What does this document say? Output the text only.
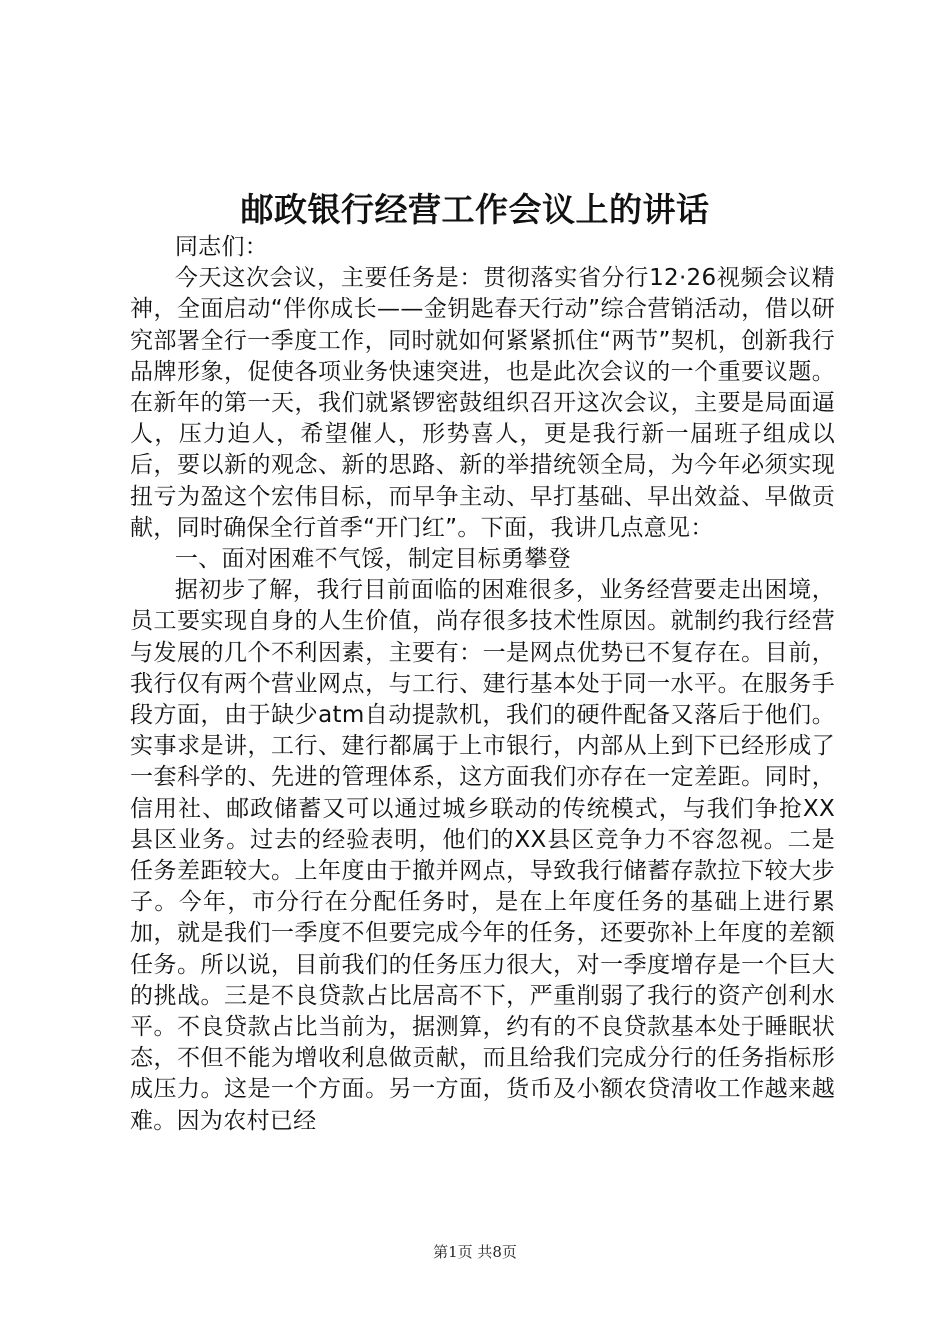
邮政银行经营工作会议上的讲话

同志们：

今天这次会议，主要任务是：贯彻落实省分行12·26视频会议精神，全面启动“伴你成长——金钥匙春天行动”综合营销活动，借以研究部署全行一季度工作，同时就如何紧紧抓住“两节”契机，创新我行品牌形象，促使各项业务快速突进，也是此次会议的一个重要议题。在新年的第一天，我们就紧锣密鼓组织召开这次会议，主要是局面逼人，压力迫人，希望催人，形势喜人，更是我行新一届班子组成以后，要以新的观念、新的思路、新的举措统领全局，为今年必须实现扭亏为盈这个宏伟目标，而早争主动、早打基础、早出效益、早做贡献，同时确保全行首季“开门红”。下面，我讲几点意见：

一、面对困难不气馁，制定目标勇攀登

据初步了解，我行目前面临的困难很多，业务经营要走出困境，员工要实现自身的人生价值，尚存很多技术性原因。就制约我行经营与发展的几个不利因素，主要有：一是网点优势已不复存在。目前，我行仅有两个营业网点，与工行、建行基本处于同一水平。在服务手段方面，由于缺少atm自动提款机，我们的硬件配备又落后于他们。实事求是讲，工行、建行都属于上市银行，内部从上到下已经形成了一套科学的、先进的管理体系，这方面我们亦存在一定差距。同时，信用社、邮政储蓄又可以通过城乡联动的传统模式，与我们争抢XX县区业务。过去的经验表明，他们的XX县区竞争力不容忽视。二是任务差距较大。上年度由于撤并网点，导致我行储蓄存款拉下较大步子。今年，市分行在分配任务时，是在上年度任务的基础上进行累加，就是我们一季度不但要完成今年的任务，还要弥补上年度的差额任务。所以说，目前我们的任务压力很大，对一季度增存是一个巨大的挑战。三是不良贷款占比居高不下，严重削弱了我行的资产创利水平。不良贷款占比当前为，据测算，约有的不良贷款基本处于睡眠状态，不但不能为增收利息做贡献，而且给我们完成分行的任务指标形成压力。这是一个方面。另一方面，货币及小额农贷清收工作越来越难。因为农村已经

第1页 共8页
